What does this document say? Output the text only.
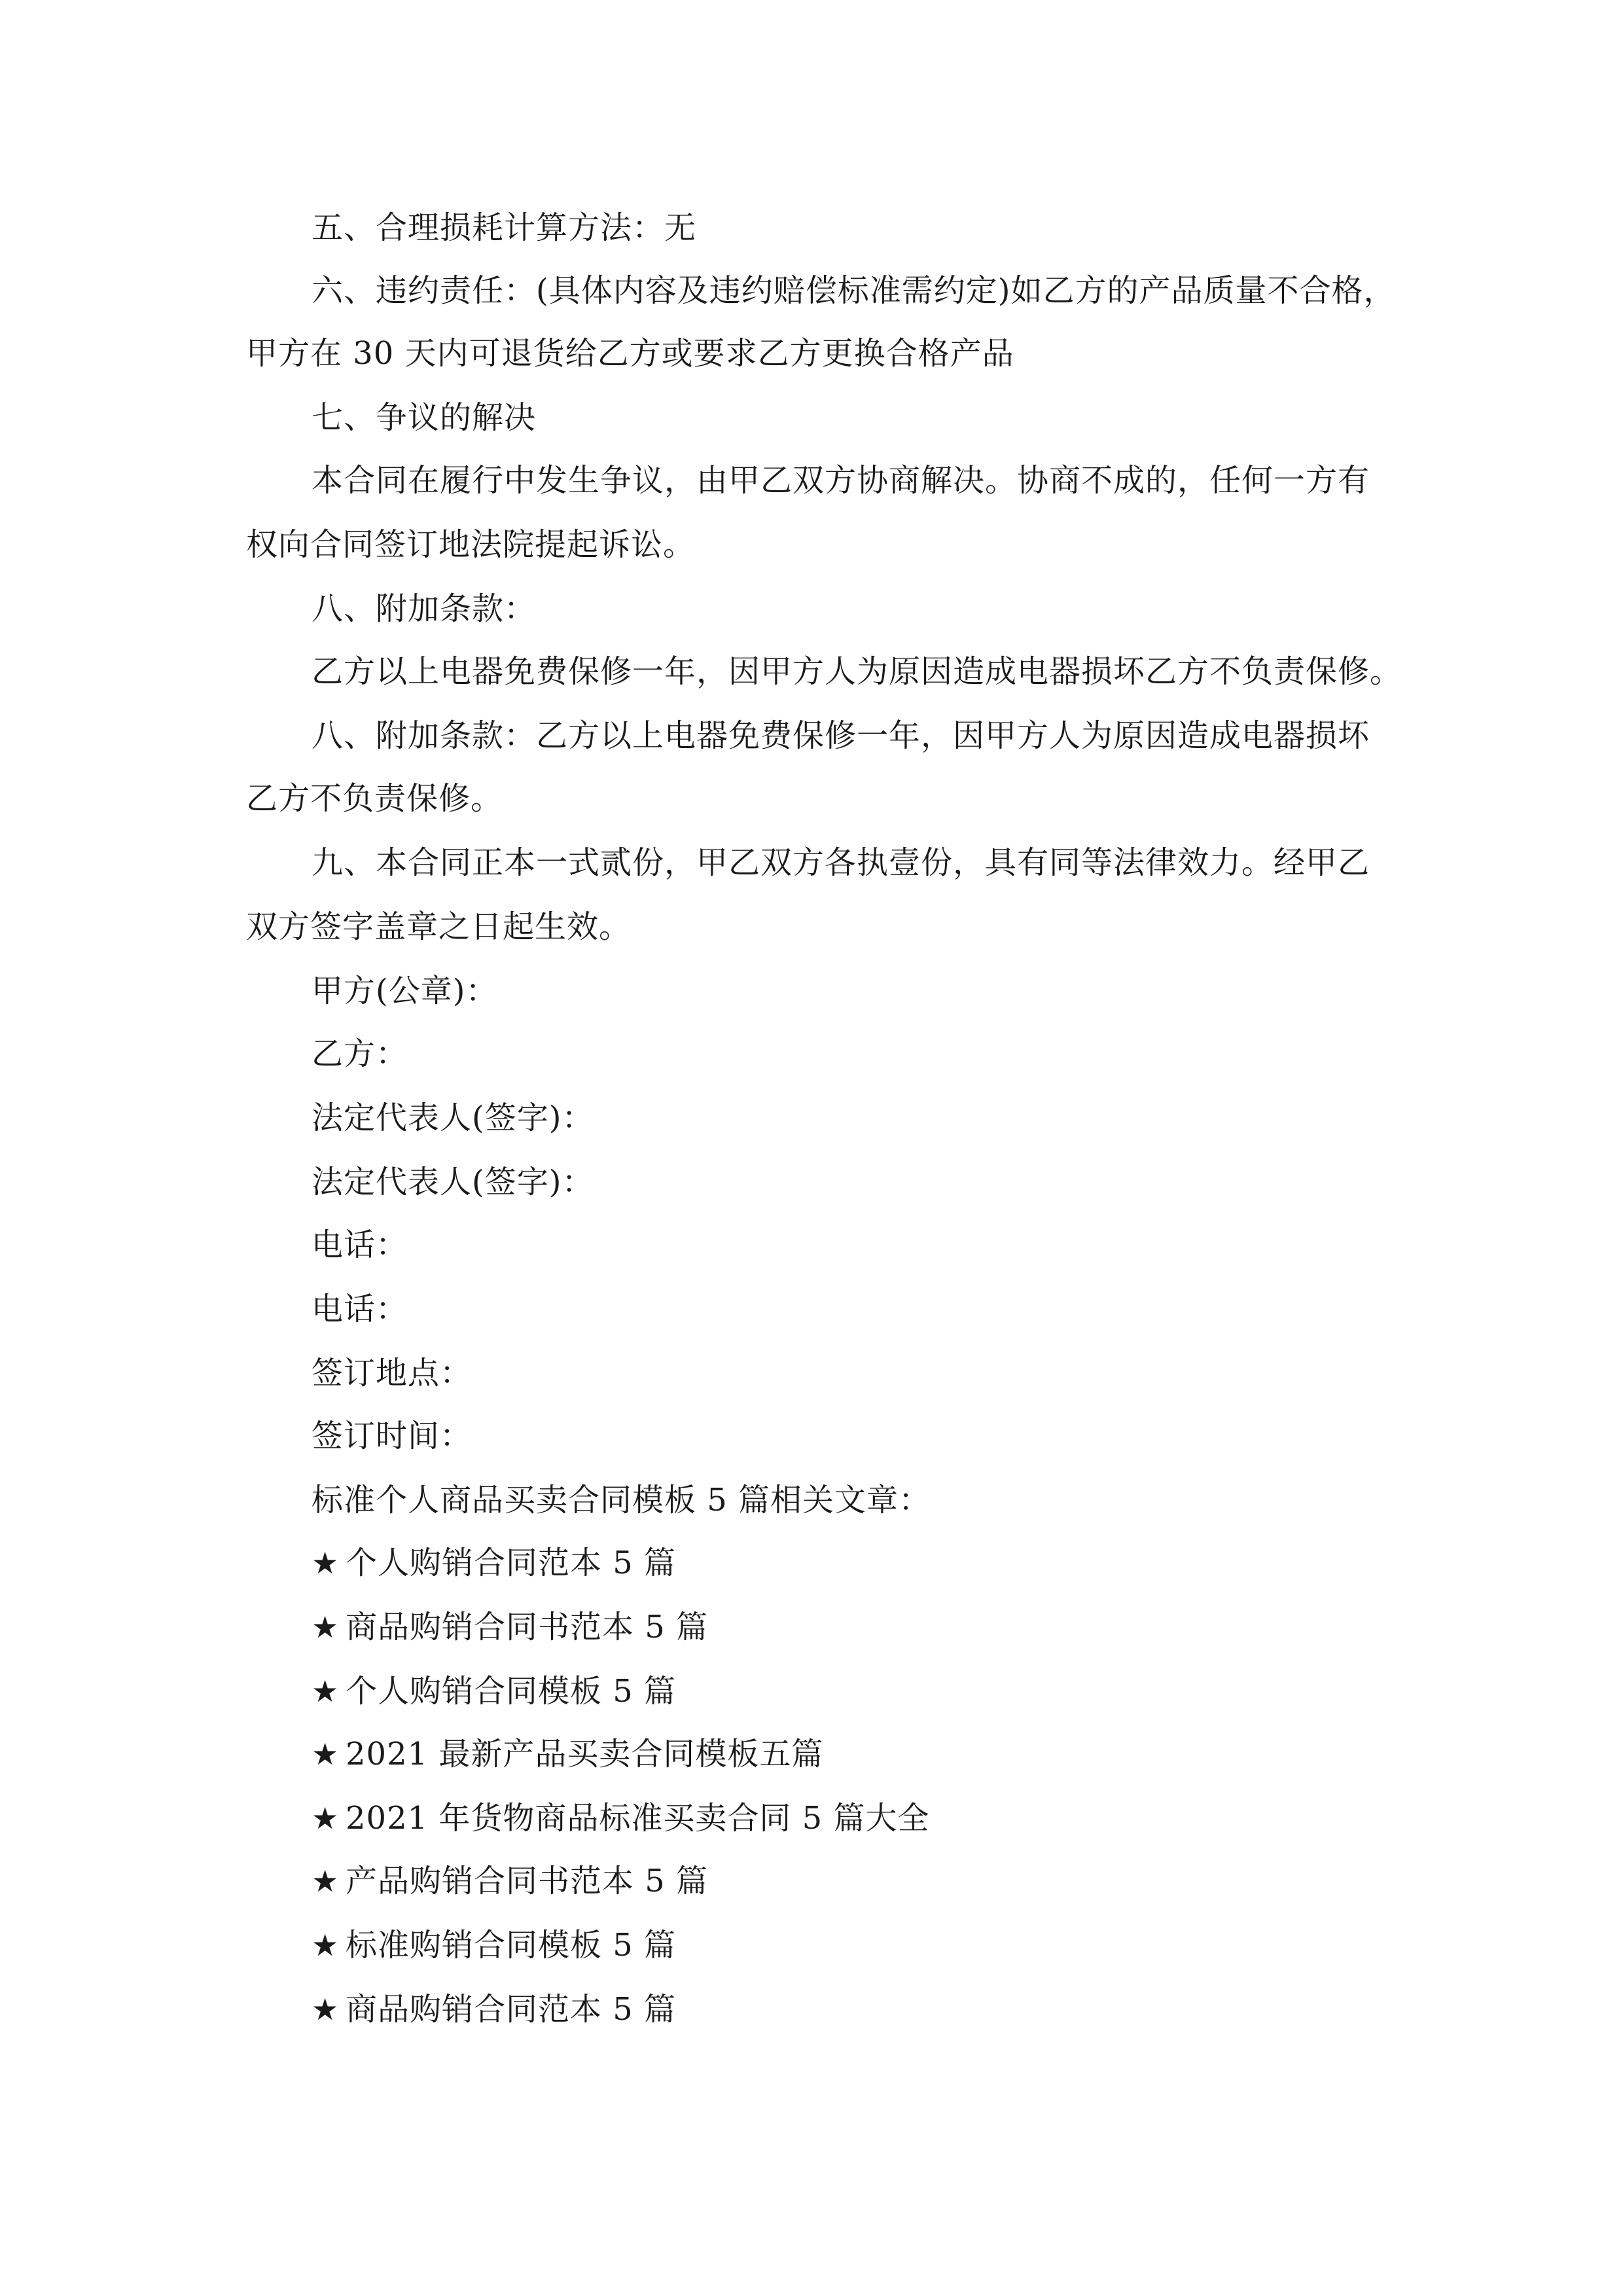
五、合理损耗计算方法：无
六、违约责任：(具体内容及违约赔偿标准需约定)如乙方的产品质量不合格，
甲方在 30 天内可退货给乙方或要求乙方更换合格产品
七、争议的解决
本合同在履行中发生争议，由甲乙双方协商解决。协商不成的，任何一方有
权向合同签订地法院提起诉讼。
八、附加条款：
乙方以上电器免费保修一年，因甲方人为原因造成电器损坏乙方不负责保修。
八、附加条款：乙方以上电器免费保修一年，因甲方人为原因造成电器损坏
乙方不负责保修。
九、本合同正本一式贰份，甲乙双方各执壹份，具有同等法律效力。经甲乙
双方签字盖章之日起生效。
甲方(公章)：
乙方：
法定代表人(签字)：
法定代表人(签字)：
电话：
电话：
签订地点：
签订时间：
标准个人商品买卖合同模板 5 篇相关文章：
★ 个人购销合同范本 5 篇
★ 商品购销合同书范本 5 篇
★ 个人购销合同模板 5 篇
★ 2021 最新产品买卖合同模板五篇
★ 2021 年货物商品标准买卖合同 5 篇大全
★ 产品购销合同书范本 5 篇
★ 标准购销合同模板 5 篇
★ 商品购销合同范本 5 篇
